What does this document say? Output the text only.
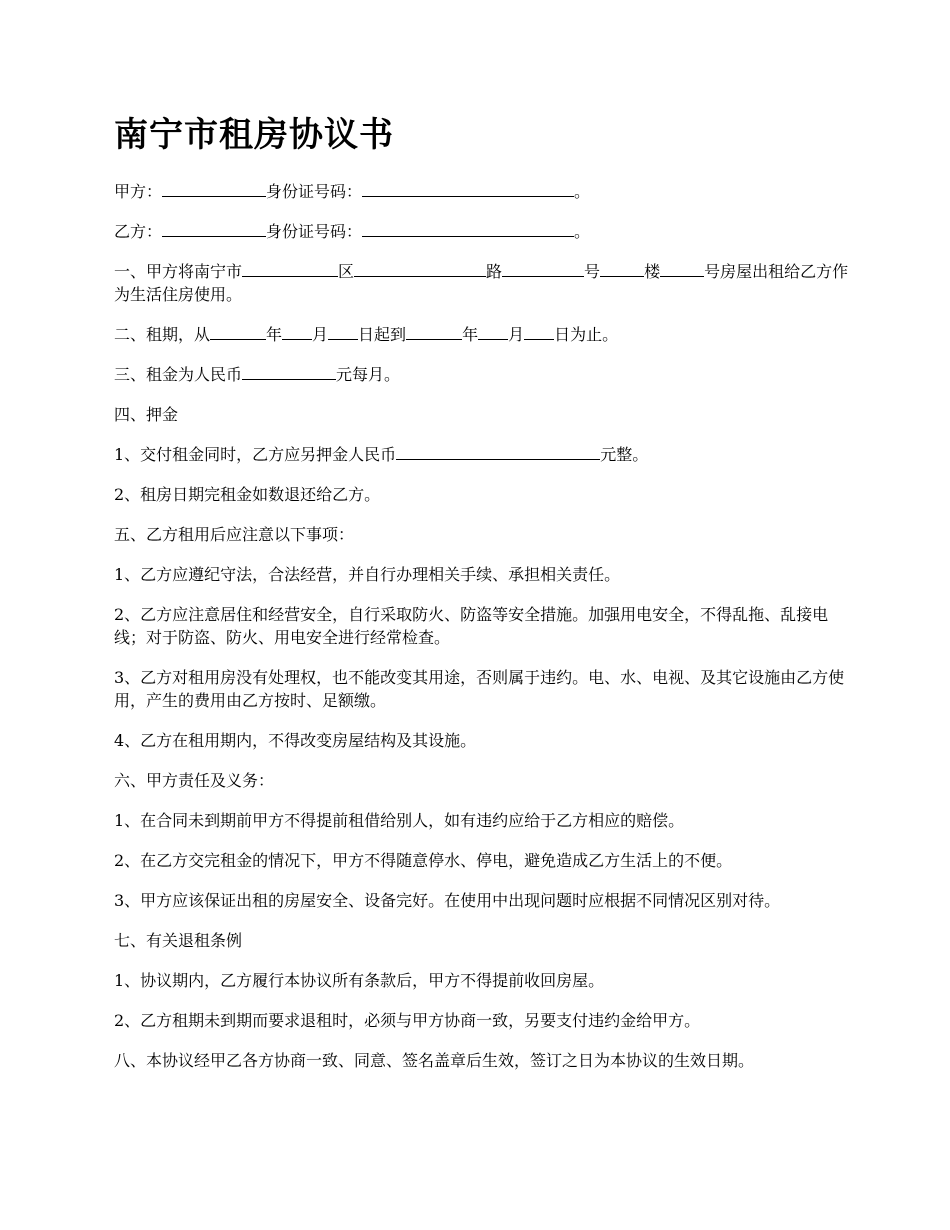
南宁市租房协议书

甲方：	身份证号码：	。

乙方：	身份证号码：	。

一、甲方将南宁市	区	路	号	楼	号房屋出租给乙方作为生活住房使用。

二、租期，从	年 月 日起到	年 月 日为止。

三、租金为人民币	元每月。

四、押金

1、交付租金同时，乙方应另押金人民币	元整。

2、租房日期完租金如数退还给乙方。

五、乙方租用后应注意以下事项：

1、乙方应遵纪守法，合法经营，并自行办理相关手续、承担相关责任。

2、乙方应注意居住和经营安全，自行采取防火、防盗等安全措施。加强用电安全，不得乱拖、乱接电线；对于防盗、防火、用电安全进行经常检查。

3、乙方对租用房没有处理权，也不能改变其用途，否则属于违约。电、水、电视、及其它设施由乙方使用，产生的费用由乙方按时、足额缴。

4、乙方在租用期内，不得改变房屋结构及其设施。

六、甲方责任及义务：

1、在合同未到期前甲方不得提前租借给别人，如有违约应给于乙方相应的赔偿。

2、在乙方交完租金的情况下，甲方不得随意停水、停电，避免造成乙方生活上的不便。

3、甲方应该保证出租的房屋安全、设备完好。在使用中出现问题时应根据不同情况区别对待。

七、有关退租条例

1、协议期内，乙方履行本协议所有条款后，甲方不得提前收回房屋。

2、乙方租期未到期而要求退租时，必须与甲方协商一致，另要支付违约金给甲方。

八、本协议经甲乙各方协商一致、同意、签名盖章后生效，签订之日为本协议的生效日期。
